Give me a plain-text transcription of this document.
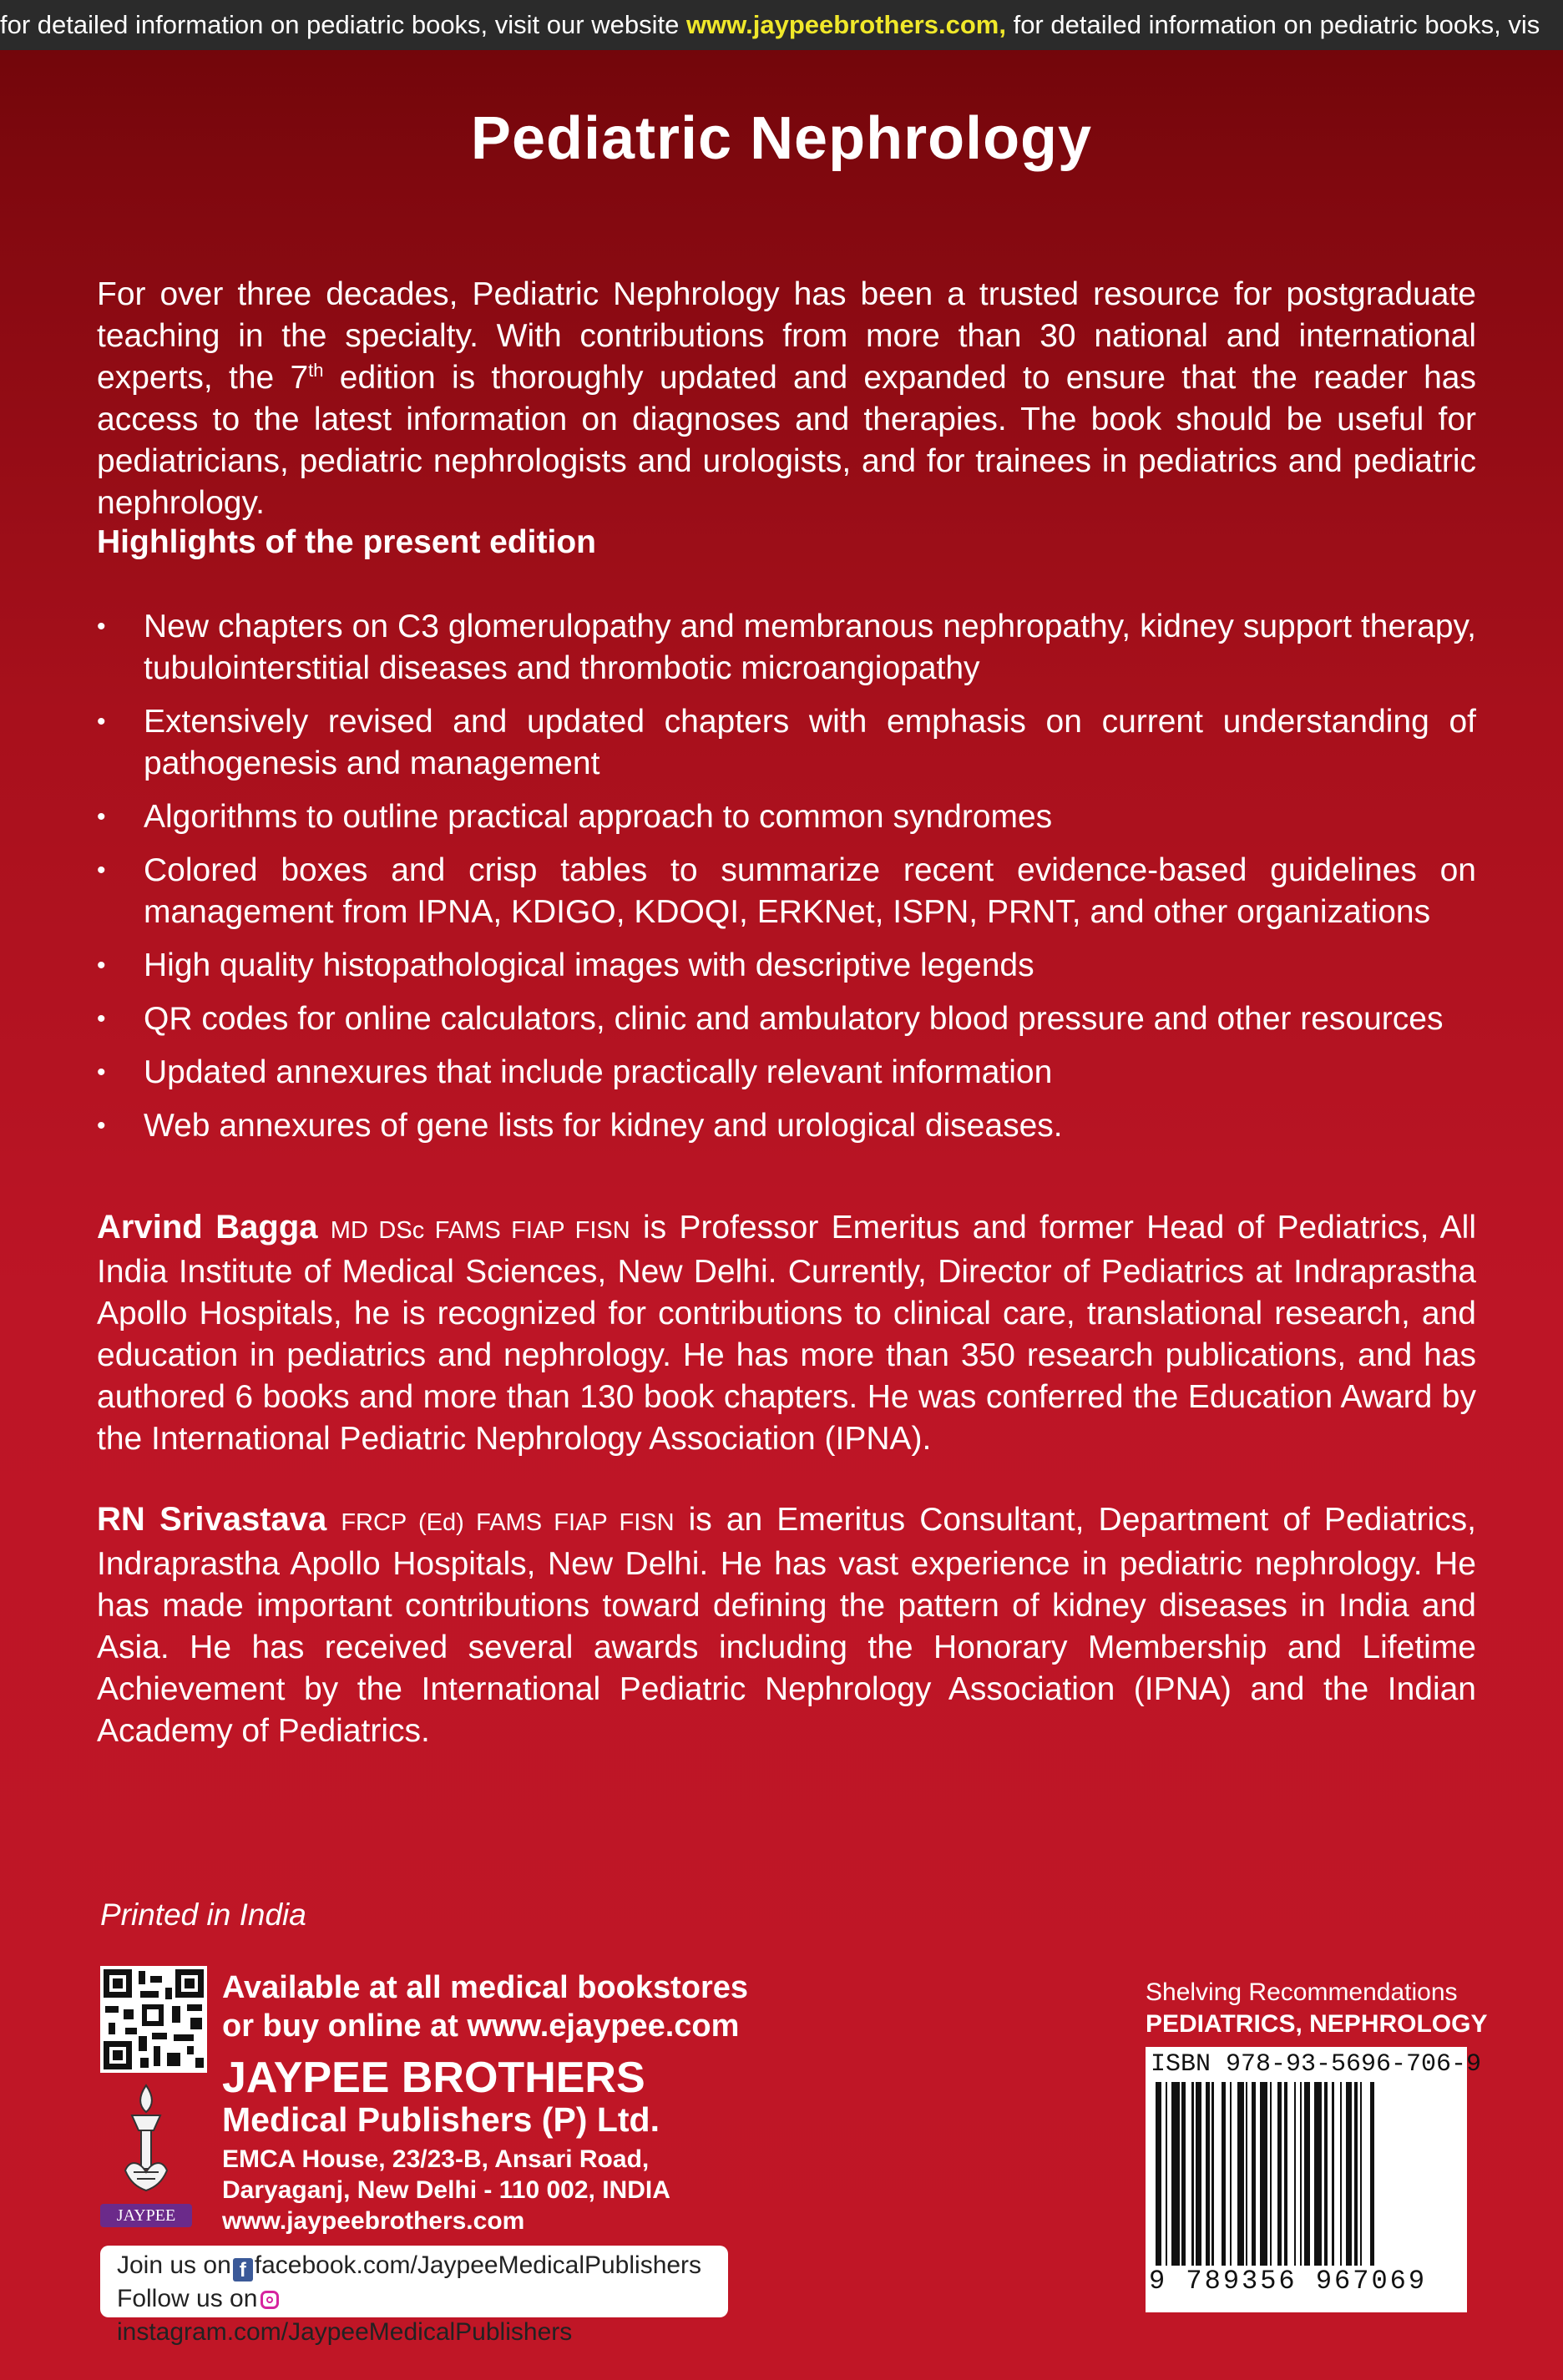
for detailed information on pediatric books, visit our website www.jaypeebrothers.com, for detailed information on pediatric books, vis
Pediatric Nephrology
For over three decades, Pediatric Nephrology has been a trusted resource for postgraduate teaching in the specialty. With contributions from more than 30 national and international experts, the 7th edition is thoroughly updated and expanded to ensure that the reader has access to the latest information on diagnoses and therapies. The book should be useful for pediatricians, pediatric nephrologists and urologists, and for trainees in pediatrics and pediatric nephrology.
Highlights of the present edition
• New chapters on C3 glomerulopathy and membranous nephropathy, kidney support therapy, tubulointerstitial diseases and thrombotic microangiopathy
• Extensively revised and updated chapters with emphasis on current understanding of pathogenesis and management
• Algorithms to outline practical approach to common syndromes
• Colored boxes and crisp tables to summarize recent evidence-based guidelines on management from IPNA, KDIGO, KDOQI, ERKNet, ISPN, PRNT, and other organizations
• High quality histopathological images with descriptive legends
• QR codes for online calculators, clinic and ambulatory blood pressure and other resources
• Updated annexures that include practically relevant information
• Web annexures of gene lists for kidney and urological diseases.
Arvind Bagga MD DSc FAMS FIAP FISN is Professor Emeritus and former Head of Pediatrics, All India Institute of Medical Sciences, New Delhi. Currently, Director of Pediatrics at Indraprastha Apollo Hospitals, he is recognized for contributions to clinical care, translational research, and education in pediatrics and nephrology. He has more than 350 research publications, and has authored 6 books and more than 130 book chapters. He was conferred the Education Award by the International Pediatric Nephrology Association (IPNA).
RN Srivastava FRCP (Ed) FAMS FIAP FISN is an Emeritus Consultant, Department of Pediatrics, Indraprastha Apollo Hospitals, New Delhi. He has vast experience in pediatric nephrology. He has made important contributions toward defining the pattern of kidney diseases in India and Asia. He has received several awards including the Honorary Membership and Lifetime Achievement by the International Pediatric Nephrology Association (IPNA) and the Indian Academy of Pediatrics.
Printed in India
Available at all medical bookstores
or buy online at www.ejaypee.com
JAYPEE BROTHERS
Medical Publishers (P) Ltd.
EMCA House, 23/23-B, Ansari Road,
Daryaganj, New Delhi - 110 002, INDIA
www.jaypeebrothers.com
JAYPEE
Join us on f facebook.com/JaypeeMedicalPublishers
Follow us oninstagram.com/JaypeeMedicalPublishers
Shelving Recommendations
PEDIATRICS, NEPHROLOGY
ISBN 978-93-5696-706-9
9 789356 967069
